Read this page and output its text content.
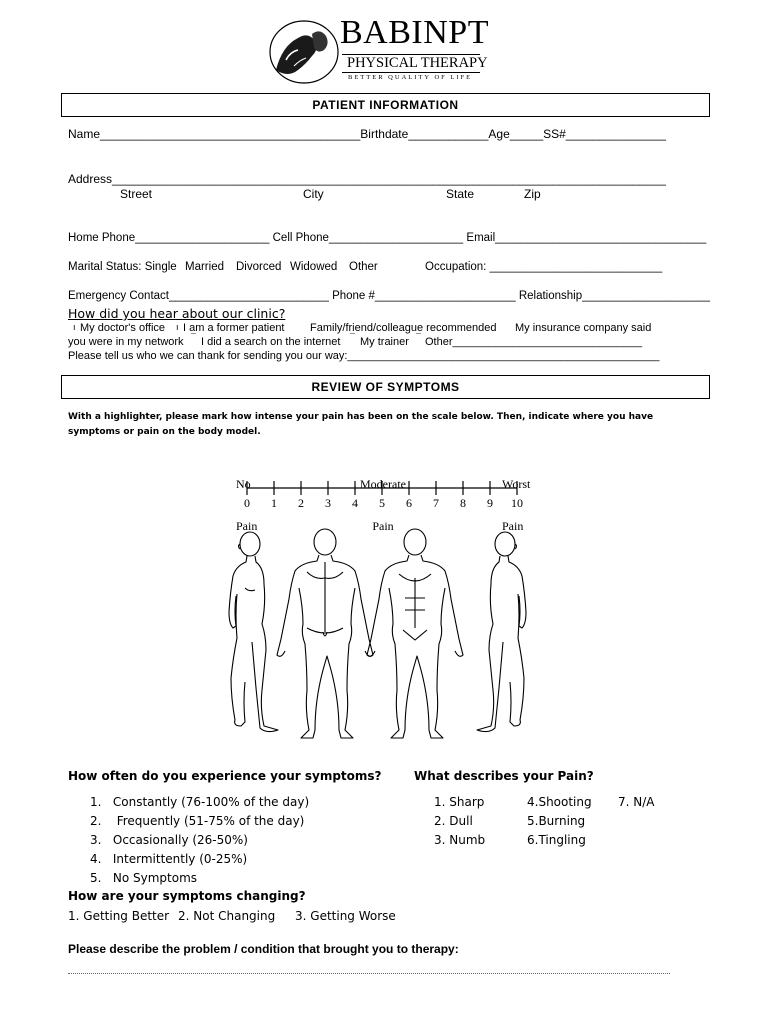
BABINPT
PHYSICAL THERAPY
BETTER QUALITY OF LIFE
PATIENT INFORMATION
Name_______________________________________Birthdate____________Age_____SS#_______________
Address___________________________________________________________________________________
Street	City	State	Zip
Home Phone_____________________ Cell Phone_____________________ Email_________________________________
Marital Status: Single Married Divorced Widowed Other	Occupation: ___________________________
Emergency Contact_________________________ Phone #______________________ Relationship____________________
How did you hear about our clinic?
ı My doctor's office ı I am a former patient Family/friend/colleague recommended My insurance company said
you were in my network ¯ I did a search on the internet ¯ My trainer ¯ Other_______________________________
Please tell us who we can thank for sending you our way:___________________________________________________
REVIEW OF SYMPTOMS
With a highlighter, please mark how intense your pain has been on the scale below. Then, indicate where you have symptoms or pain on the body model.

No

Pain

Moderate

Pain

Worst

Pain

0	1	2	3	4	5	6	7	8	9	10
How often do you experience your symptoms?
1.   Constantly (76-100% of the day)
2.    Frequently (51-75% of the day)
3.   Occasionally (26-50%)
4.   Intermittently (0-25%)
5.   No Symptoms
What describes your Pain?
1. Sharp
2. Dull
3. Numb
4.Shooting
5.Burning
6.Tingling
7. N/A
How are your symptoms changing?
1. Getting Better 2. Not Changing 3. Getting Worse
Please describe the problem / condition that brought you to therapy:
